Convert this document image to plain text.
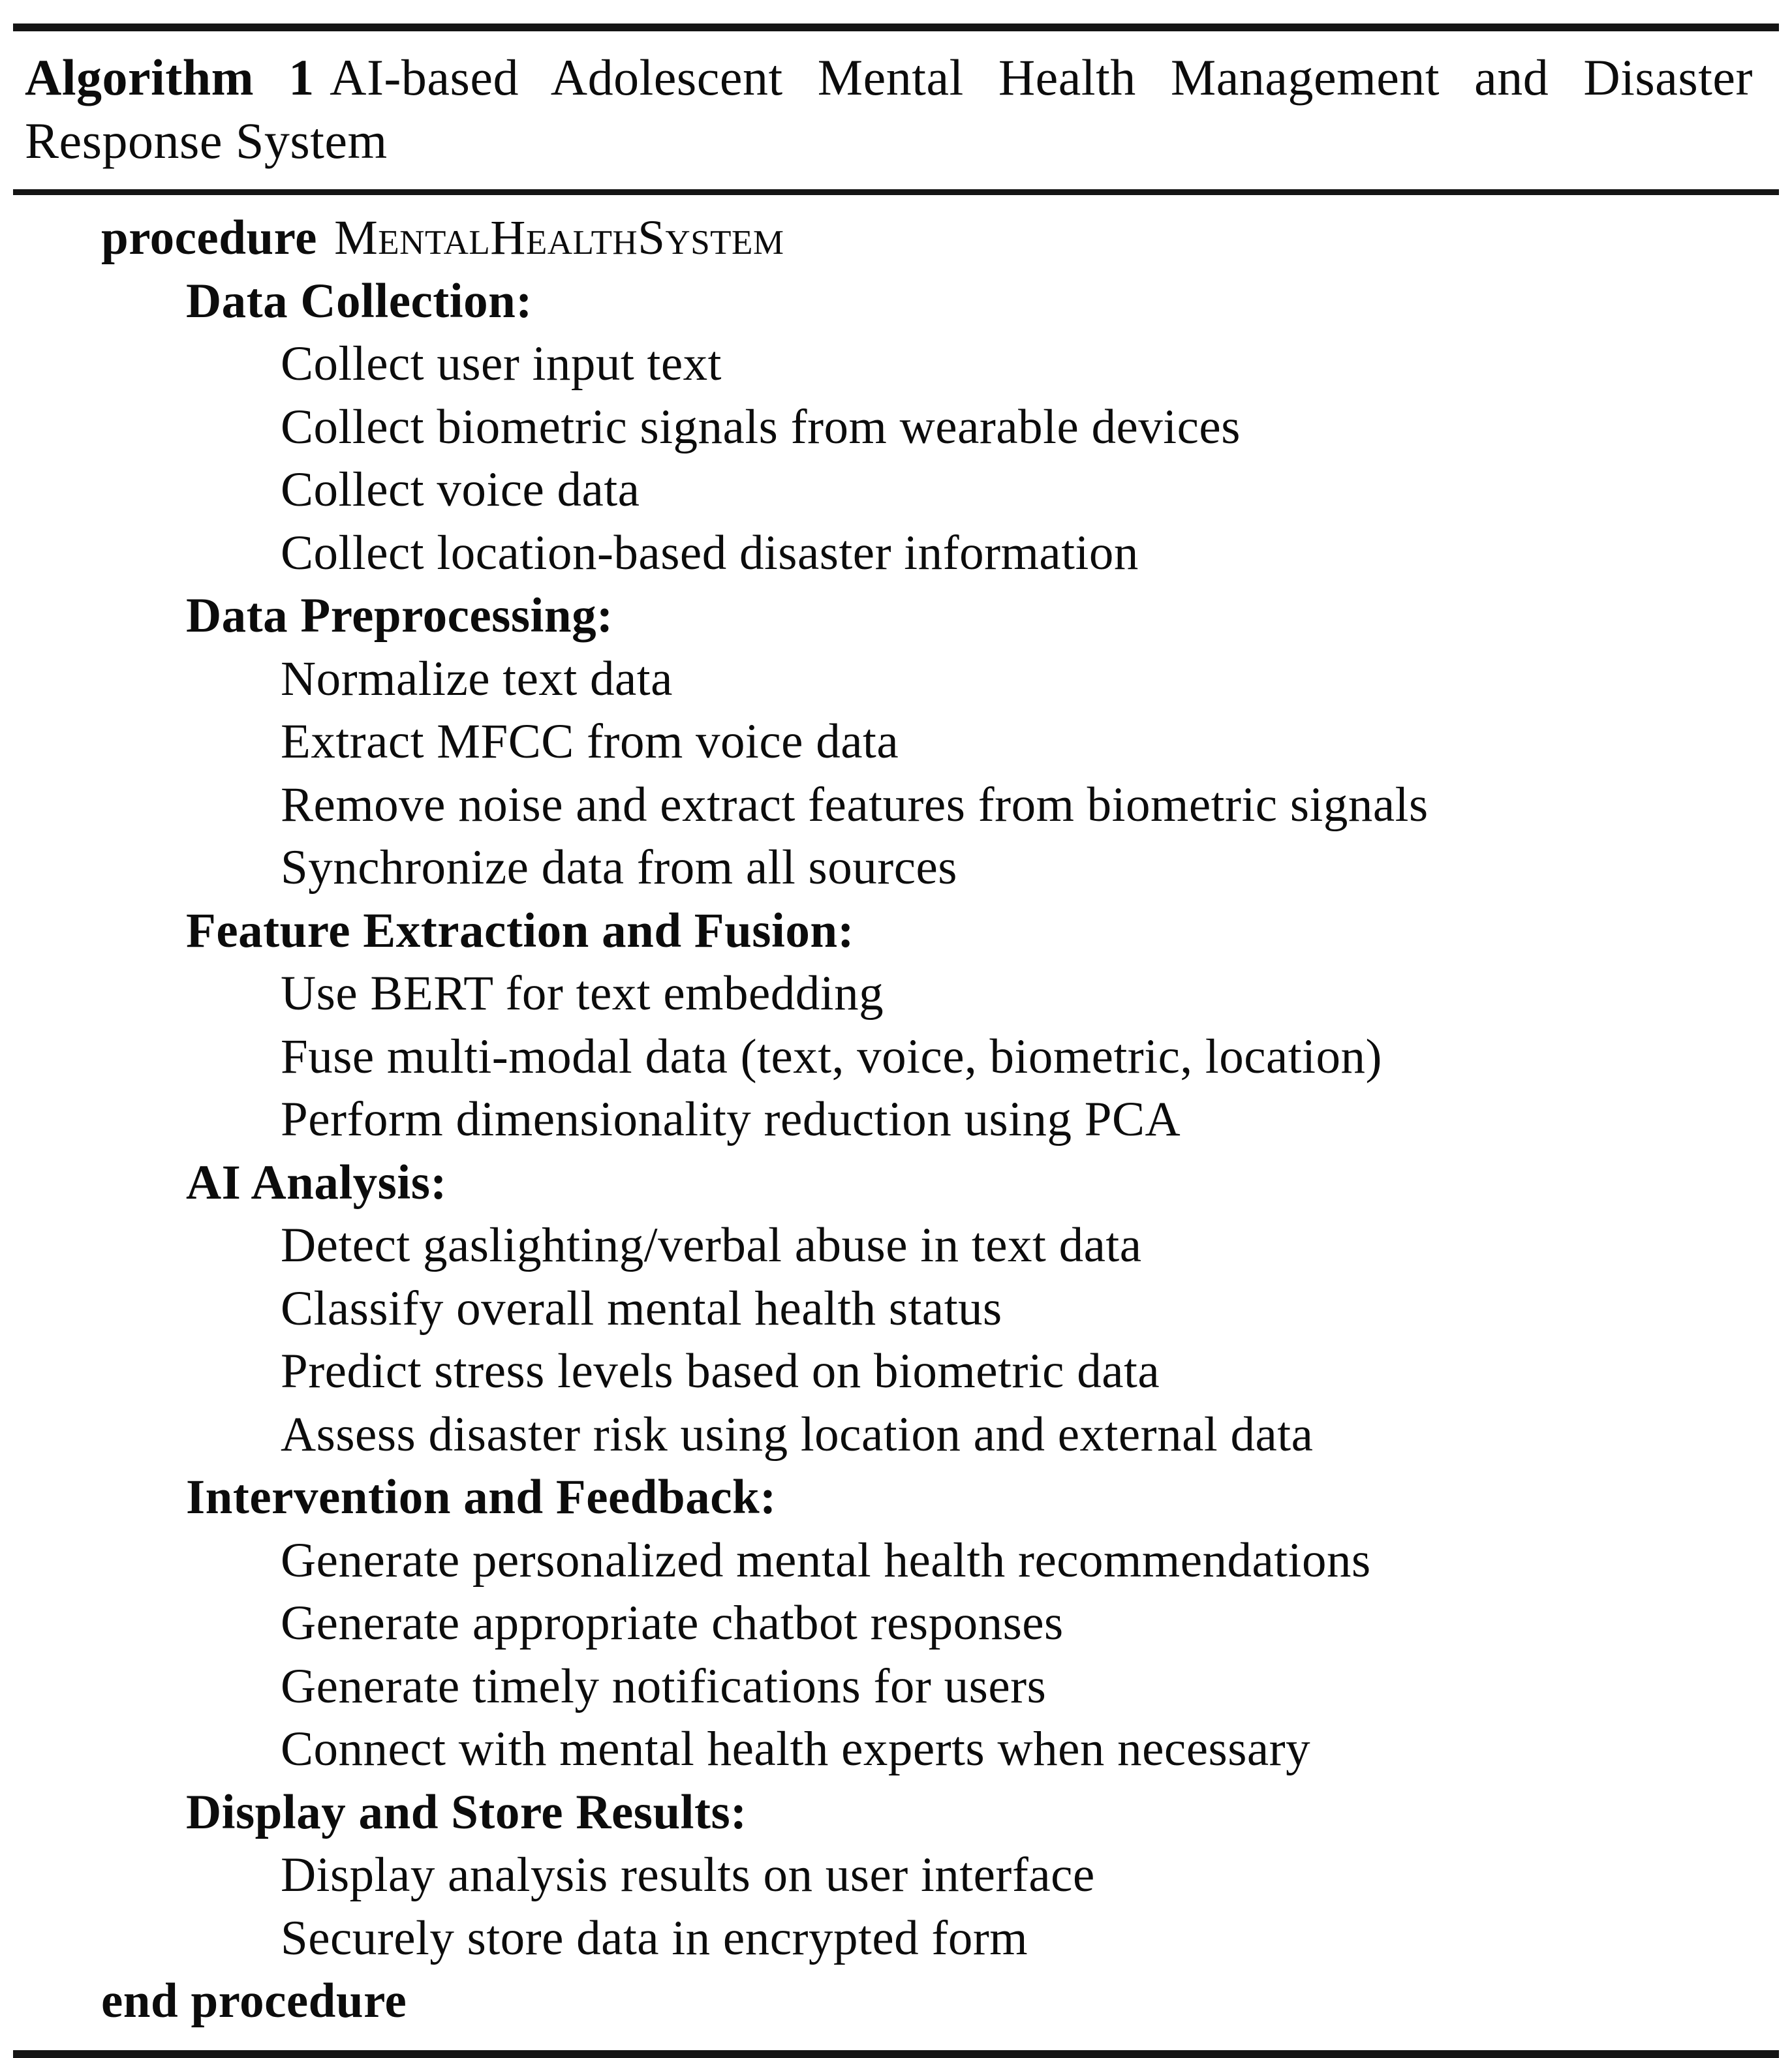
Algorithm 1 AI-based Adolescent Mental Health Management and Disaster Response System
procedure MentalHealthSystem
Data Collection:
Collect user input text
Collect biometric signals from wearable devices
Collect voice data
Collect location-based disaster information
Data Preprocessing:
Normalize text data
Extract MFCC from voice data
Remove noise and extract features from biometric signals
Synchronize data from all sources
Feature Extraction and Fusion:
Use BERT for text embedding
Fuse multi-modal data (text, voice, biometric, location)
Perform dimensionality reduction using PCA
AI Analysis:
Detect gaslighting/verbal abuse in text data
Classify overall mental health status
Predict stress levels based on biometric data
Assess disaster risk using location and external data
Intervention and Feedback:
Generate personalized mental health recommendations
Generate appropriate chatbot responses
Generate timely notifications for users
Connect with mental health experts when necessary
Display and Store Results:
Display analysis results on user interface
Securely store data in encrypted form
end procedure
